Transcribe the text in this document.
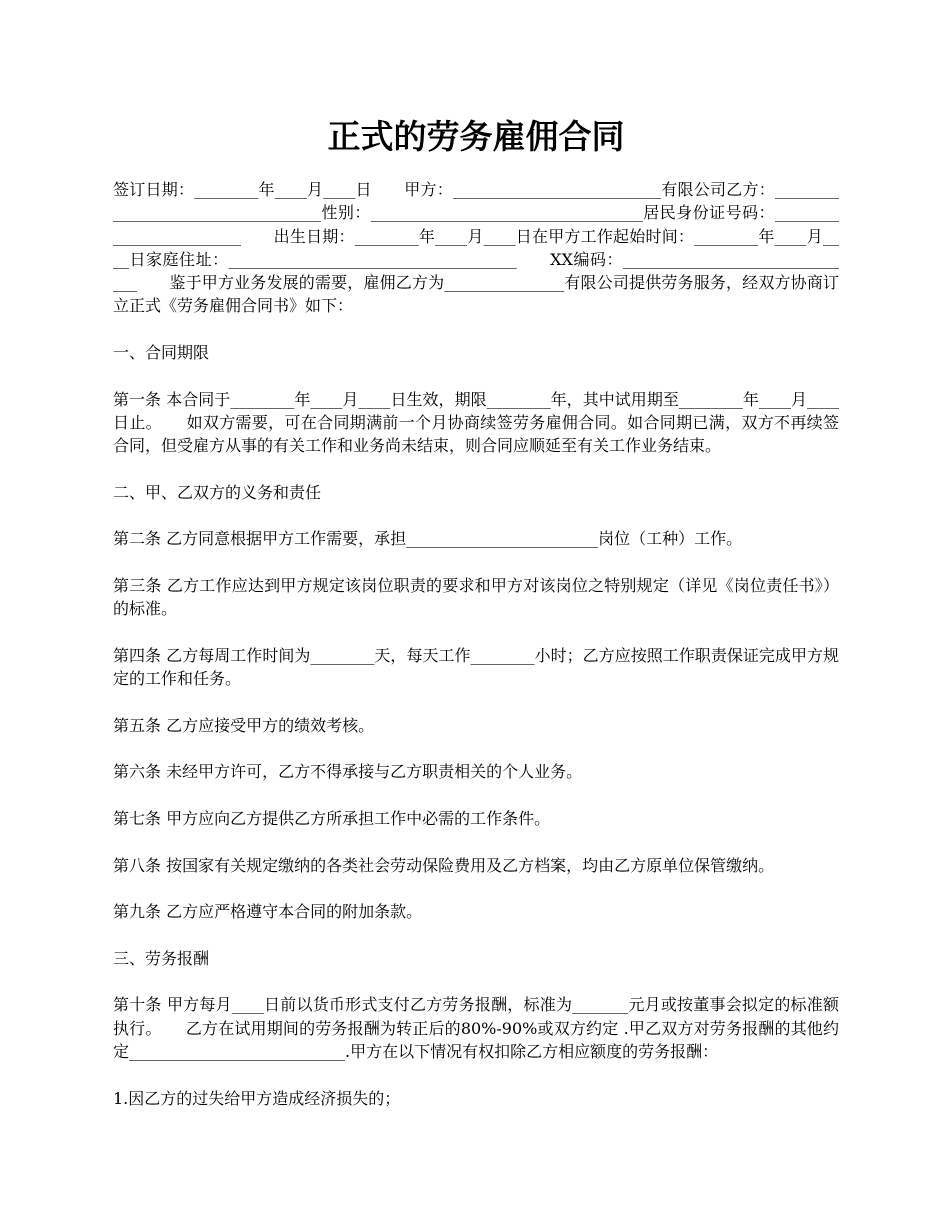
正式的劳务雇佣合同

签订日期：________年____月____日　　甲方：__________________________有限公司乙方：__________________________________性别：__________________________________居民身份证号码：________________________　　出生日期：________年____月____日在甲方工作起始时间：________年____月____日家庭住址：____________________________________　　XX编码：______________________________　　鉴于甲方业务发展的需要，雇佣乙方为_______________有限公司提供劳务服务，经双方协商订立正式《劳务雇佣合同书》如下：

一、合同期限

第一条 本合同于________年____月____日生效，期限________年，其中试用期至________年____月____日止。　　如双方需要，可在合同期满前一个月协商续签劳务雇佣合同。如合同期已满，双方不再续签合同，但受雇方从事的有关工作和业务尚未结束，则合同应顺延至有关工作业务结束。

二、甲、乙双方的义务和责任

第二条 乙方同意根据甲方工作需要，承担________________________岗位（工种）工作。

第三条 乙方工作应达到甲方规定该岗位职责的要求和甲方对该岗位之特别规定（详见《岗位责任书》）的标准。

第四条 乙方每周工作时间为________天，每天工作________小时；乙方应按照工作职责保证完成甲方规定的工作和任务。

第五条 乙方应接受甲方的绩效考核。

第六条 未经甲方许可，乙方不得承接与乙方职责相关的个人业务。

第七条 甲方应向乙方提供乙方所承担工作中必需的工作条件。

第八条 按国家有关规定缴纳的各类社会劳动保险费用及乙方档案，均由乙方原单位保管缴纳。

第九条 乙方应严格遵守本合同的附加条款。

三、劳务报酬

第十条 甲方每月____日前以货币形式支付乙方劳务报酬，标准为_______元月或按董事会拟定的标准额执行。　　乙方在试用期间的劳务报酬为转正后的80%-90%或双方约定 .甲乙双方对劳务报酬的其他约定___________________________.甲方在以下情况有权扣除乙方相应额度的劳务报酬：

1.因乙方的过失给甲方造成经济损失的；
